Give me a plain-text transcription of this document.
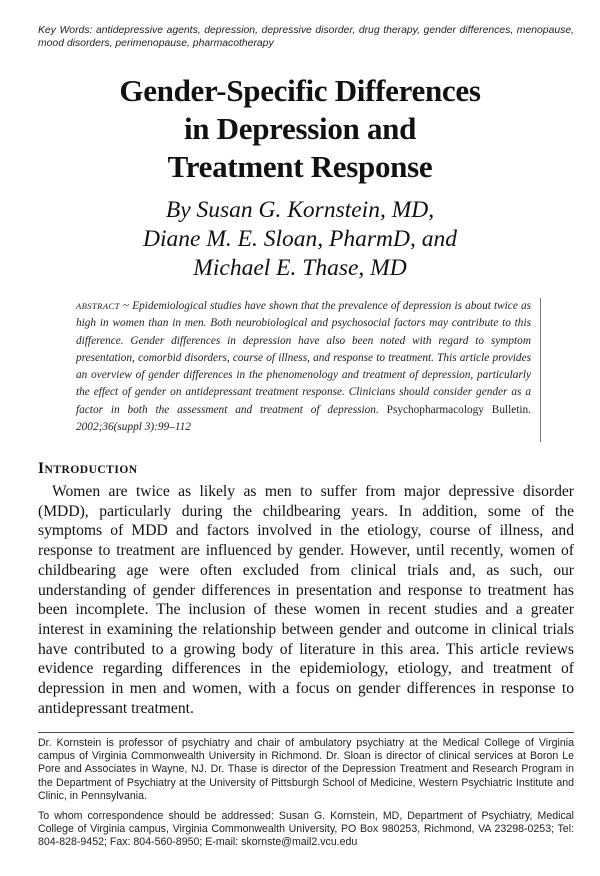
Key Words: antidepressive agents, depression, depressive disorder, drug therapy, gender differences, menopause, mood disorders, perimenopause, pharmacotherapy
Gender-Specific Differences
in Depression and
Treatment Response
By Susan G. Kornstein, MD,
Diane M. E. Sloan, PharmD, and
Michael E. Thase, MD
ABSTRACT ~ Epidemiological studies have shown that the prevalence of depression is about twice as high in women than in men. Both neurobiological and psychosocial factors may contribute to this difference. Gender differences in depression have also been noted with regard to symptom presentation, comorbid disorders, course of illness, and response to treatment. This article provides an overview of gender differences in the phenomenology and treatment of depression, particularly the effect of gender on antidepressant treatment response. Clinicians should consider gender as a factor in both the assessment and treatment of depression. Psychopharmacology Bulletin. 2002;36(suppl 3):99–112
INTRODUCTION

Women are twice as likely as men to suffer from major depressive disorder (MDD), particularly during the childbearing years. In addition, some of the symptoms of MDD and factors involved in the etiology, course of illness, and response to treatment are influenced by gender. However, until recently, women of childbearing age were often excluded from clinical trials and, as such, our understanding of gender differences in presentation and response to treatment has been incomplete. The inclusion of these women in recent studies and a greater interest in examining the relationship between gender and outcome in clinical trials have contributed to a growing body of literature in this area. This article reviews evidence regarding differences in the epidemiology, etiology, and treatment of depression in men and women, with a focus on gender differences in response to antidepressant treatment.

Dr. Kornstein is professor of psychiatry and chair of ambulatory psychiatry at the Medical College of Virginia campus of Virginia Commonwealth University in Richmond. Dr. Sloan is director of clinical services at Boron Le Pore and Associates in Wayne, NJ. Dr. Thase is director of the Depression Treatment and Research Program in the Department of Psychiatry at the University of Pittsburgh School of Medicine, Western Psychiatric Institute and Clinic, in Pennsylvania.

To whom correspondence should be addressed: Susan G. Kornstein, MD, Department of Psychiatry, Medical College of Virginia campus, Virginia Commonwealth University, PO Box 980253, Richmond, VA 23298-0253; Tel: 804-828-9452; Fax: 804-560-8950; E-mail: skornste@mail2.vcu.edu
